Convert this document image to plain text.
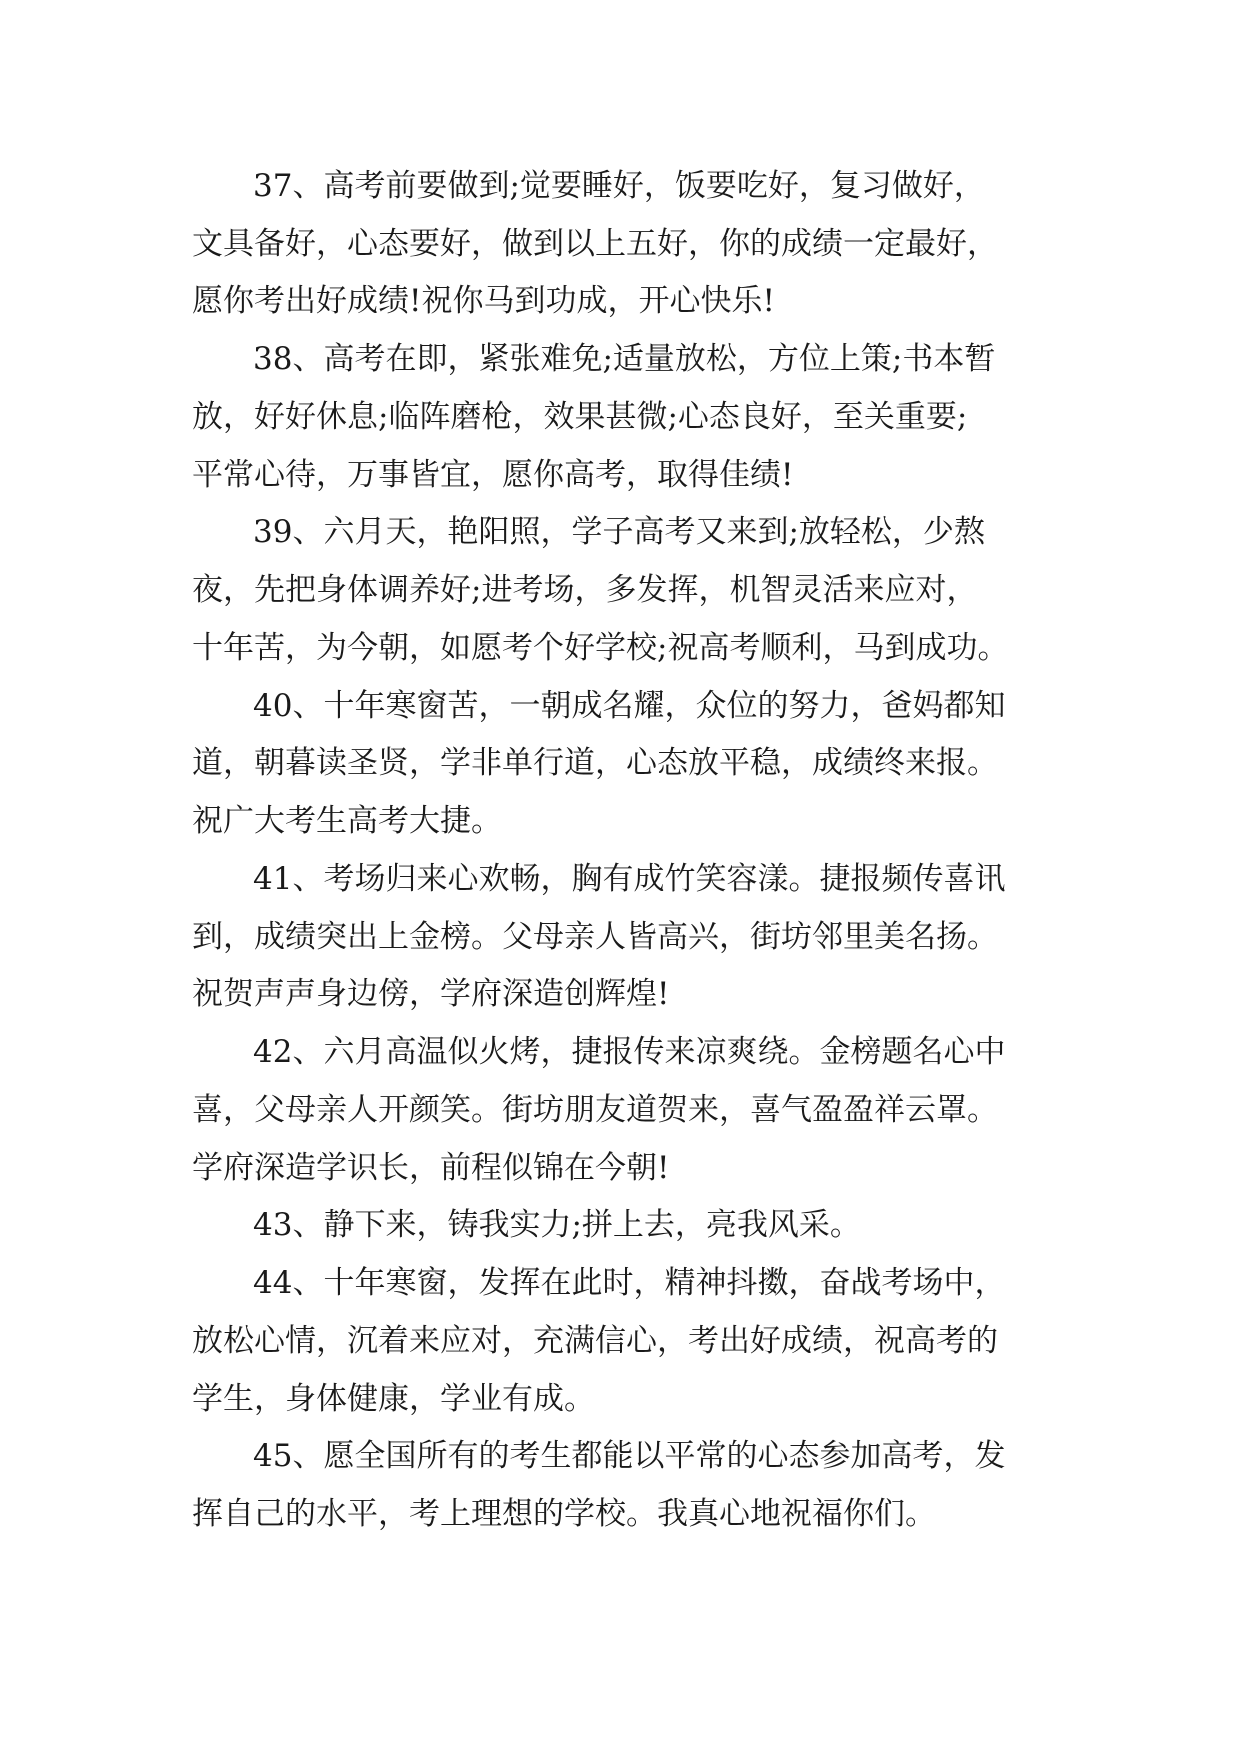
37、高考前要做到;觉要睡好，饭要吃好，复习做好，
文具备好，心态要好，做到以上五好，你的成绩一定最好，
愿你考出好成绩!祝你马到功成，开心快乐!
38、高考在即，紧张难免;适量放松，方位上策;书本暂
放，好好休息;临阵磨枪，效果甚微;心态良好，至关重要;
平常心待，万事皆宜，愿你高考，取得佳绩!
39、六月天，艳阳照，学子高考又来到;放轻松，少熬
夜，先把身体调养好;进考场，多发挥，机智灵活来应对，
十年苦，为今朝，如愿考个好学校;祝高考顺利，马到成功。
40、十年寒窗苦，一朝成名耀，众位的努力，爸妈都知
道，朝暮读圣贤，学非单行道，心态放平稳，成绩终来报。
祝广大考生高考大捷。
41、考场归来心欢畅，胸有成竹笑容漾。捷报频传喜讯
到，成绩突出上金榜。父母亲人皆高兴，街坊邻里美名扬。
祝贺声声身边傍，学府深造创辉煌!
42、六月高温似火烤，捷报传来凉爽绕。金榜题名心中
喜，父母亲人开颜笑。街坊朋友道贺来，喜气盈盈祥云罩。
学府深造学识长，前程似锦在今朝!
43、静下来，铸我实力;拼上去，亮我风采。
44、十年寒窗，发挥在此时，精神抖擞，奋战考场中，
放松心情，沉着来应对，充满信心，考出好成绩，祝高考的
学生，身体健康，学业有成。
45、愿全国所有的考生都能以平常的心态参加高考，发
挥自己的水平，考上理想的学校。我真心地祝福你们。
